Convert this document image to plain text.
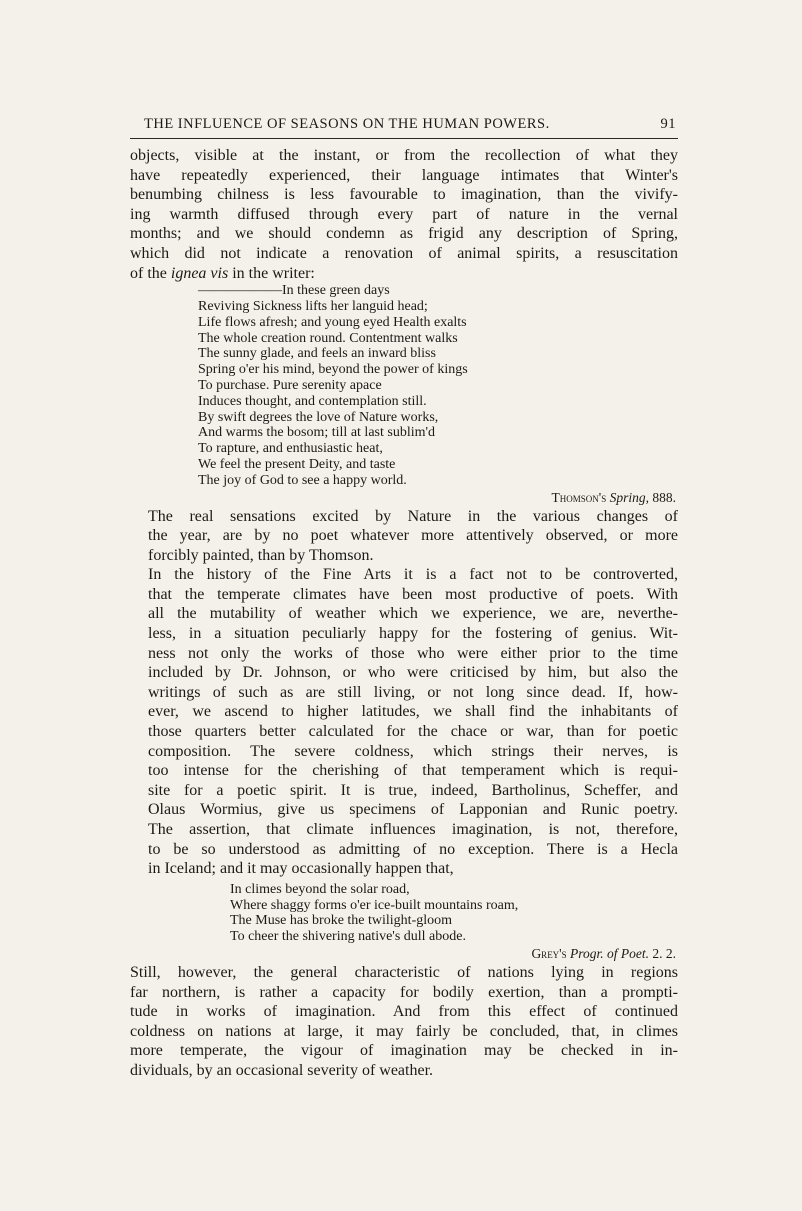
THE INFLUENCE OF SEASONS ON THE HUMAN POWERS.	91

objects, visible at the instant, or from the recollection of what they
have repeatedly experienced, their language intimates that Winter's
benumbing chilness is less favourable to imagination, than the vivify-
ing warmth diffused through every part of nature in the vernal
months; and we should condemn as frigid any description of Spring,
which did not indicate a renovation of animal spirits, a resuscitation
of the ignea vis in the writer:

——————In these green days
Reviving Sickness lifts her languid head;
Life flows afresh; and young eyed Health exalts
The whole creation round. Contentment walks
The sunny glade, and feels an inward bliss
Spring o'er his mind, beyond the power of kings
To purchase. Pure serenity apace
Induces thought, and contemplation still.
By swift degrees the love of Nature works,
And warms the bosom; till at last sublim'd
To rapture, and enthusiastic heat,
We feel the present Deity, and taste
The joy of God to see a happy world.
Thomson's Spring, 888.

The real sensations excited by Nature in the various changes of
the year, are by no poet whatever more attentively observed, or more
forcibly painted, than by Thomson.

In the history of the Fine Arts it is a fact not to be controverted,
that the temperate climates have been most productive of poets. With
all the mutability of weather which we experience, we are, neverthe-
less, in a situation peculiarly happy for the fostering of genius. Wit-
ness not only the works of those who were either prior to the time
included by Dr. Johnson, or who were criticised by him, but also the
writings of such as are still living, or not long since dead. If, how-
ever, we ascend to higher latitudes, we shall find the inhabitants of
those quarters better calculated for the chace or war, than for poetic
composition. The severe coldness, which strings their nerves, is
too intense for the cherishing of that temperament which is requi-
site for a poetic spirit. It is true, indeed, Bartholinus, Scheffer, and
Olaus Wormius, give us specimens of Lapponian and Runic poetry.
The assertion, that climate influences imagination, is not, therefore,
to be so understood as admitting of no exception. There is a Hecla
in Iceland; and it may occasionally happen that,

In climes beyond the solar road,
Where shaggy forms o'er ice-built mountains roam,
The Muse has broke the twilight-gloom
To cheer the shivering native's dull abode.
Grey's Progr. of Poet. 2. 2.

Still, however, the general characteristic of nations lying in regions
far northern, is rather a capacity for bodily exertion, than a prompti-
tude in works of imagination. And from this effect of continued
coldness on nations at large, it may fairly be concluded, that, in climes
more temperate, the vigour of imagination may be checked in in-
dividuals, by an occasional severity of weather.
